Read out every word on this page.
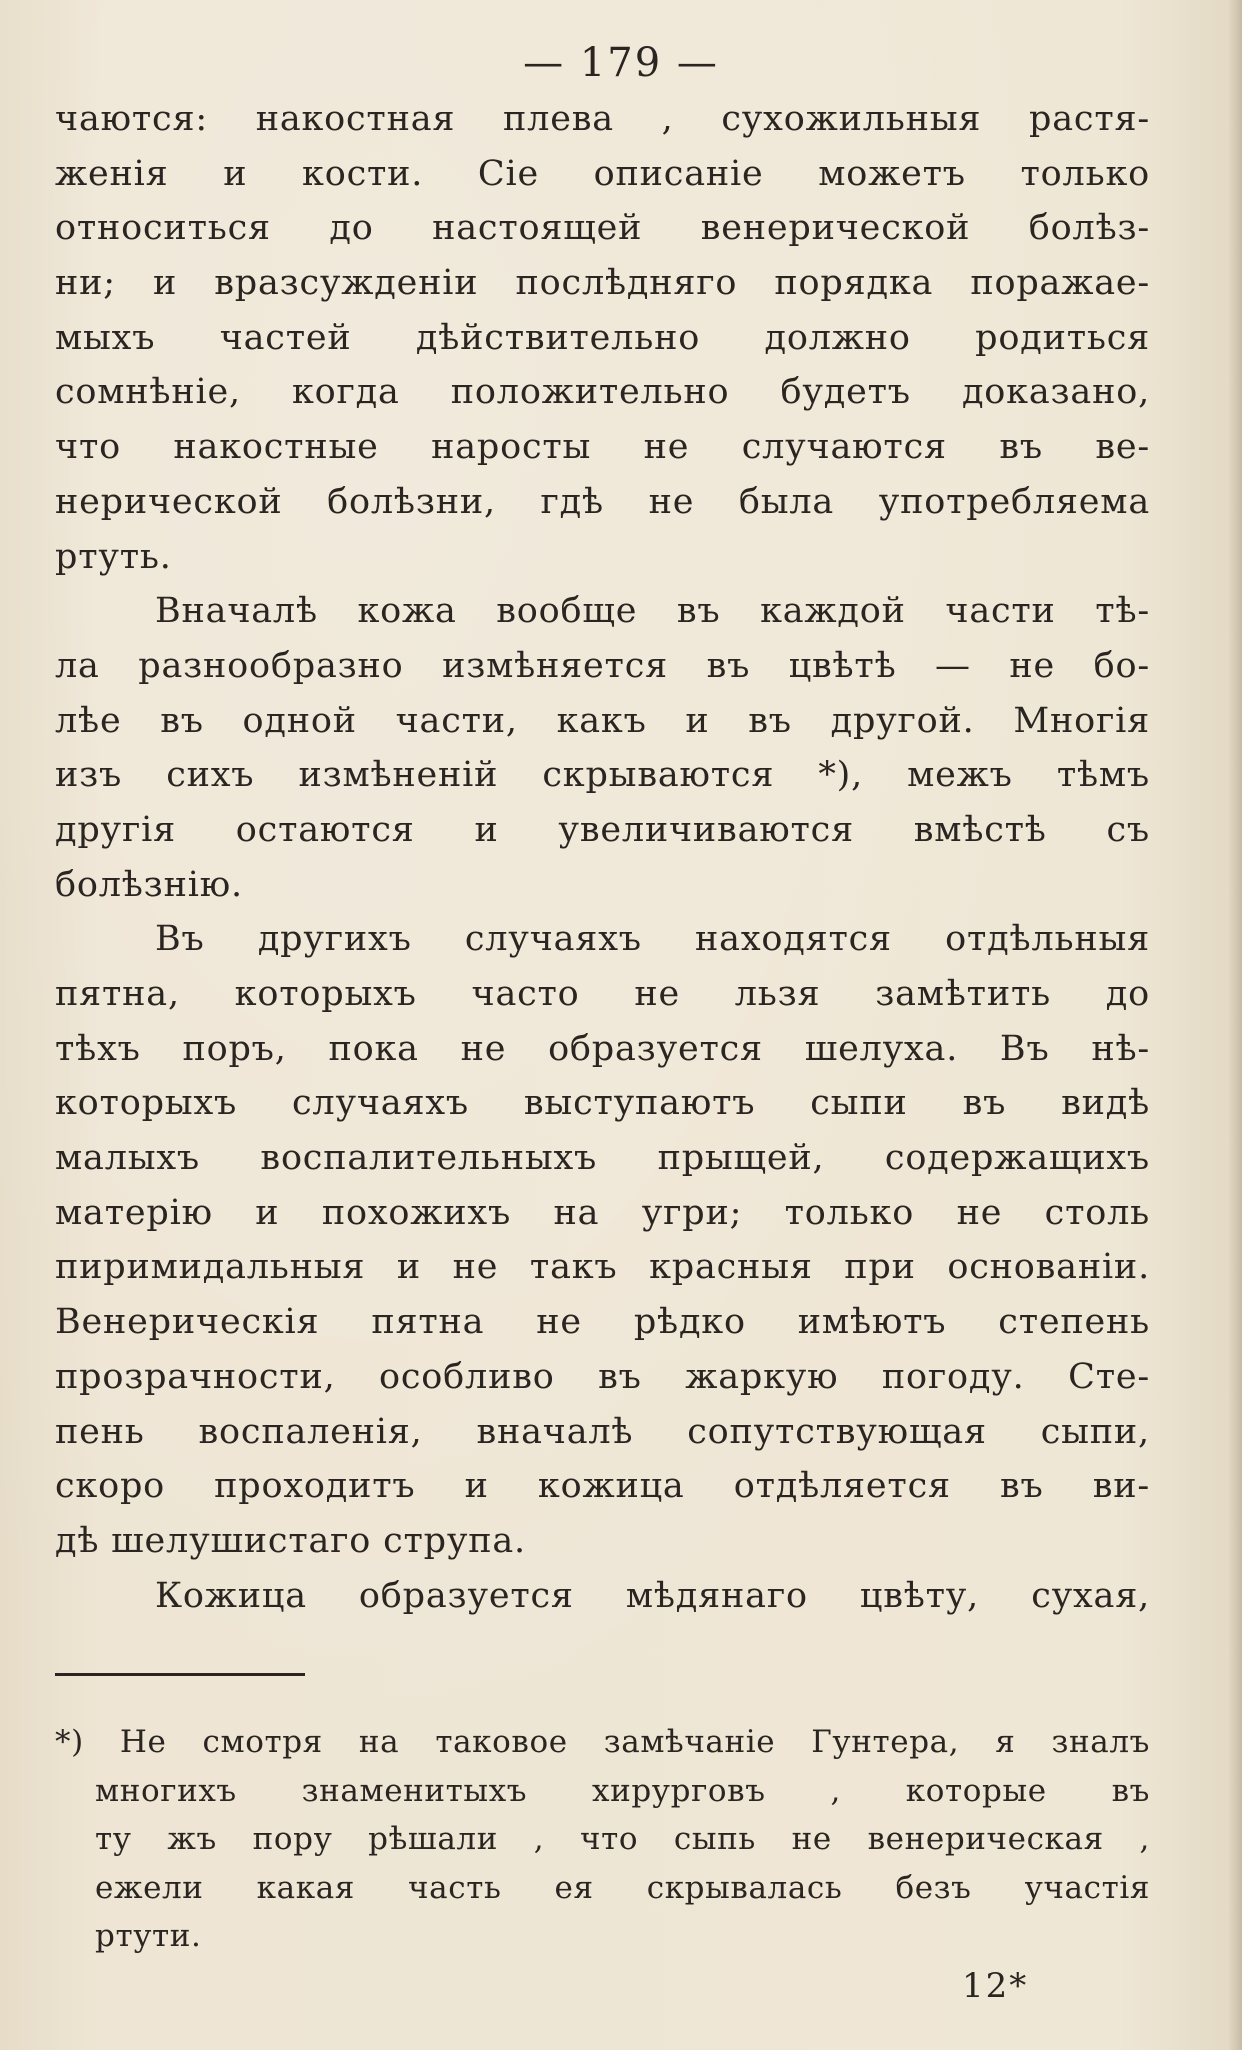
— 179 —
чаются: накостная плева , сухожильныя растя-
женія и кости. Сіе описаніе можетъ только
относиться до настоящей венерической болѣз-
ни; и вразсужденіи послѣдняго порядка поражае-
мыхъ частей дѣйствительно должно родиться
сомнѣніе, когда положительно будетъ доказано,
что накостные наросты не случаются въ ве-
нерической болѣзни, гдѣ не была употребляема
ртуть.
Вначалѣ кожа вообще въ каждой части тѣ-
ла разнообразно измѣняется въ цвѣтѣ — не бо-
лѣе въ одной части, какъ и въ другой. Многія
изъ сихъ измѣненій скрываются *), межъ тѣмъ
другія остаются и увеличиваются вмѣстѣ съ
болѣзнію.
Въ другихъ случаяхъ находятся отдѣльныя
пятна, которыхъ часто не льзя замѣтить до
тѣхъ поръ, пока не образуется шелуха. Въ нѣ-
которыхъ случаяхъ выступаютъ сыпи въ видѣ
малыхъ воспалительныхъ прыщей, содержащихъ
матерію и похожихъ на угри; только не столь
пиримидальныя и не такъ красныя при основаніи.
Венерическія пятна не рѣдко имѣютъ степень
прозрачности, особливо въ жаркую погоду. Сте-
пень воспаленія, вначалѣ сопутствующая сыпи,
скоро проходитъ и кожица отдѣляется въ ви-
дѣ шелушистаго струпа.
Кожица образуется мѣдянаго цвѣту, сухая,
*) Не смотря на таковое замѣчаніе Гунтера, я зналъ
многихъ знаменитыхъ хирурговъ , которые въ
ту жъ пору рѣшали , что сыпь не венерическая ,
ежели какая часть ея скрывалась безъ участія
ртути.
12*
